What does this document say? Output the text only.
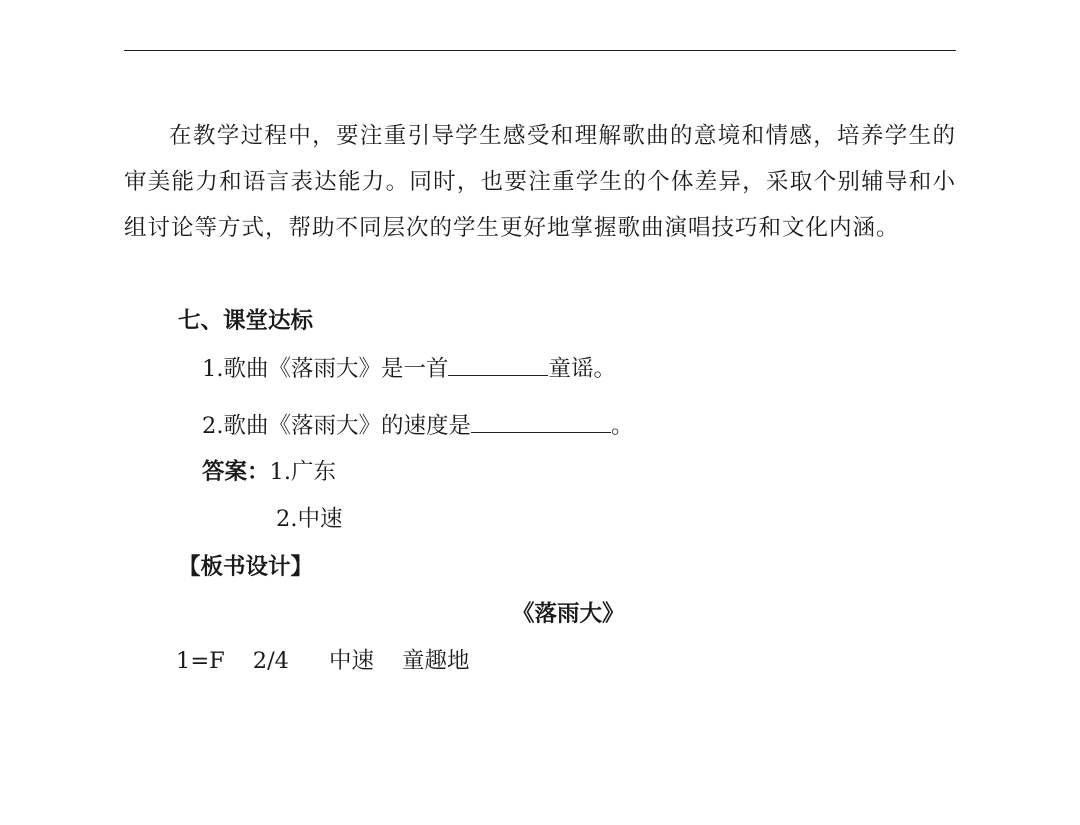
在教学过程中，要注重引导学生感受和理解歌曲的意境和情感，培养学生的审美能力和语言表达能力。同时，也要注重学生的个体差异，采取个别辅导和小组讨论等方式，帮助不同层次的学生更好地掌握歌曲演唱技巧和文化内涵。

七、课堂达标
1.歌曲《落雨大》是一首	童谣。
2.歌曲《落雨大》的速度是	。
答案：1.广东
2.中速
【板书设计】
《落雨大》
1=F 2/4 中速 童趣地
